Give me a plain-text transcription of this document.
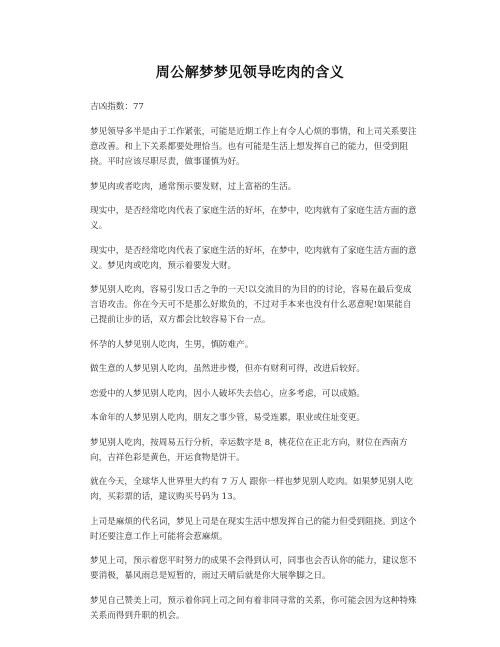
周公解梦梦见领导吃肉的含义

吉凶指数：77

梦见领导多半是由于工作紧张，可能是近期工作上有令人心烦的事情，和上司关系要注意改善。和上下关系都要处理恰当。也有可能是生活上想发挥自己的能力，但受到阻挠。平时应该尽职尽责，做事谨慎为好。

梦见肉或者吃肉，通常预示要发财，过上富裕的生活。

现实中，是否经常吃肉代表了家庭生活的好坏，在梦中，吃肉就有了家庭生活方面的意义。

现实中，是否经常吃肉代表了家庭生活的好坏，在梦中，吃肉就有了家庭生活方面的意义。梦见肉或吃肉，预示着要发大财。

梦见别人吃肉，容易引发口舌之争的一天!以交流目的为目的的讨论，容易在最后变成言语攻击。你在今天可不是那么好欺负的，不过对手本来也没有什么恶意呢!如果能自己提前让步的话，双方都会比较容易下台一点。

怀孕的人梦见别人吃肉，生男，慎防难产。

做生意的人梦见别人吃肉，虽然进步慢，但亦有财利可得，改进后较好。

恋爱中的人梦见别人吃肉，因小人破坏失去信心，应多考虑，可以成婚。

本命年的人梦见别人吃肉，朋友之事少管，易受连累，职业或住址变更。

梦见别人吃肉，按周易五行分析，幸运数字是 8，桃花位在正北方向，财位在西南方向，吉祥色彩是黄色，开运食物是饼干。

就在今天，全球华人世界里大约有 7 万人 跟你一样也梦见别人吃肉。如果梦见别人吃肉，买彩票的话，建议购买号码为 13。

上司是麻烦的代名词，梦见上司是在现实生活中想发挥自己的能力但受到阻挠。到这个时还要注意工作上可能将会惹麻烦。

梦见上司，预示着您平时努力的成果不会得到认可，同事也会否认你的能力，建议您不要消极，暴风雨总是短暂的，雨过天晴后就是你大展拳脚之日。

梦见自己赞美上司，预示着你同上司之间有着非同寻常的关系，你可能会因为这种特殊关系而得到升职的机会。
